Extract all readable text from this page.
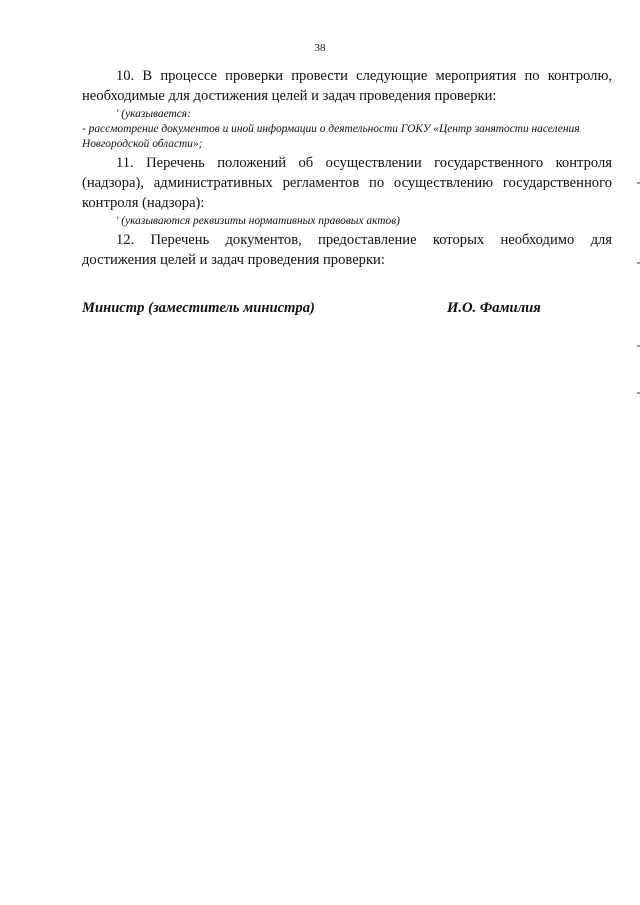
38

10. В процессе проверки провести следующие мероприятия по контролю, необходимые для достижения целей и задач проведения проверки:

' (указывается:

- рассмотрение документов и иной информации о деятельности ГОКУ «Центр занятости населения Новгородской области»;

11. Перечень положений об осуществлении государственного контроля (надзора), административных регламентов по осуществлению государственного контроля (надзора):

' (указываются реквизиты нормативных правовых актов)

12. Перечень документов, предоставление которых необходимо для достижения целей и задач проведения проверки:

Министр (заместитель министра)	И.О. Фамилия
